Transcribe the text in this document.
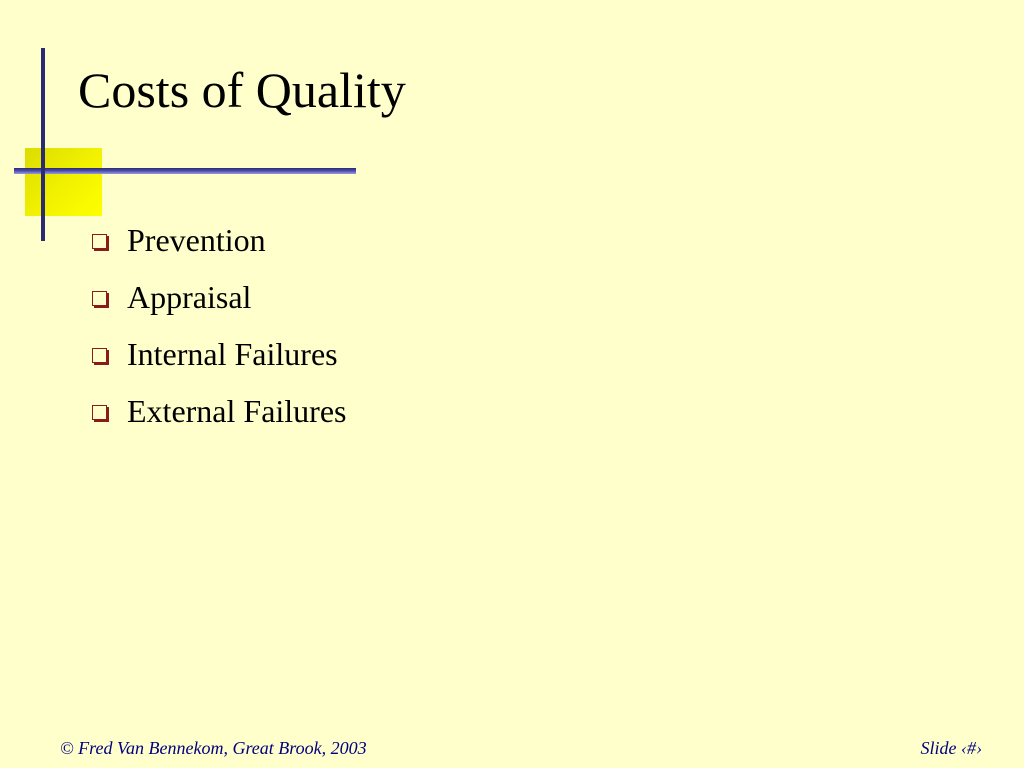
Costs of Quality
Prevention
Appraisal
Internal Failures
External Failures
© Fred Van Bennekom, Great Brook, 2003	Slide ‹#›
